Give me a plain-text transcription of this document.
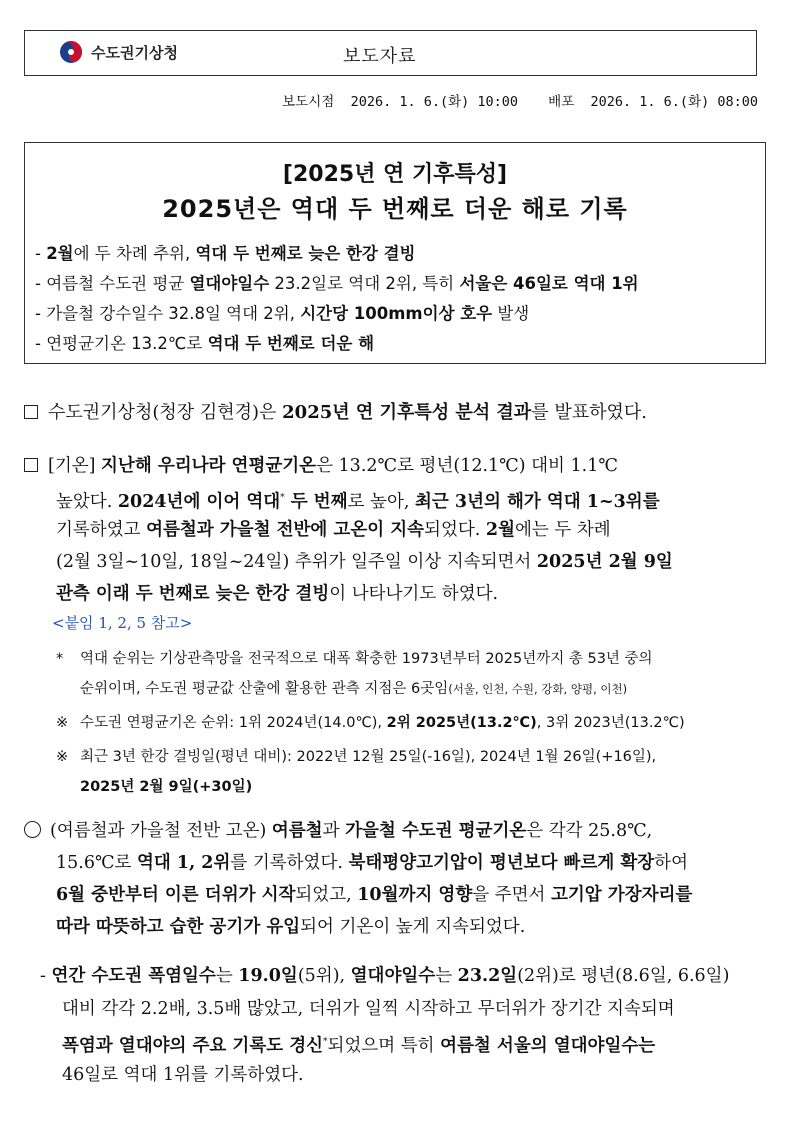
수도권기상청	보도자료
보도시점 2026. 1. 6.(화) 10:00 배포 2026. 1. 6.(화) 08:00
[2025년 연 기후특성]
2025년은 역대 두 번째로 더운 해로 기록
- 2월에 두 차례 추위, 역대 두 번째로 늦은 한강 결빙
- 여름철 수도권 평균 열대야일수 23.2일로 역대 2위, 특히 서울은 46일로 역대 1위
- 가을철 강수일수 32.8일 역대 2위, 시간당 100mm이상 호우 발생
- 연평균기온 13.2℃로 역대 두 번째로 더운 해
수도권기상청(청장 김현경)은 2025년 연 기후특성 분석 결과를 발표하였다.
[기온] 지난해 우리나라 연평균기온은 13.2℃로 평년(12.1℃) 대비 1.1℃
높았다. 2024년에 이어 역대* 두 번째로 높아, 최근 3년의 해가 역대 1~3위를
기록하였고 여름철과 가을철 전반에 고온이 지속되었다. 2월에는 두 차례
(2월 3일~10일, 18일~24일) 추위가 일주일 이상 지속되면서 2025년 2월 9일
관측 이래 두 번째로 늦은 한강 결빙이 나타나기도 하였다.
<붙임 1, 2, 5 참고>
* 역대 순위는 기상관측망을 전국적으로 대폭 확충한 1973년부터 2025년까지 총 53년 중의
순위이며, 수도권 평균값 산출에 활용한 관측 지점은 6곳임(서울, 인천, 수원, 강화, 양평, 이천)
※ 수도권 연평균기온 순위: 1위 2024년(14.0℃), 2위 2025년(13.2℃), 3위 2023년(13.2℃)
※ 최근 3년 한강 결빙일(평년 대비): 2022년 12월 25일(-16일), 2024년 1월 26일(+16일),
2025년 2월 9일(+30일)
(여름철과 가을철 전반 고온) 여름철과 가을철 수도권 평균기온은 각각 25.8℃,
15.6℃로 역대 1, 2위를 기록하였다. 북태평양고기압이 평년보다 빠르게 확장하여
6월 중반부터 이른 더위가 시작되었고, 10월까지 영향을 주면서 고기압 가장자리를
따라 따뜻하고 습한 공기가 유입되어 기온이 높게 지속되었다.
- 연간 수도권 폭염일수는 19.0일(5위), 열대야일수는 23.2일(2위)로 평년(8.6일, 6.6일)
대비 각각 2.2배, 3.5배 많았고, 더위가 일찍 시작하고 무더위가 장기간 지속되며
폭염과 열대야의 주요 기록도 경신*되었으며 특히 여름철 서울의 열대야일수는
46일로 역대 1위를 기록하였다.
